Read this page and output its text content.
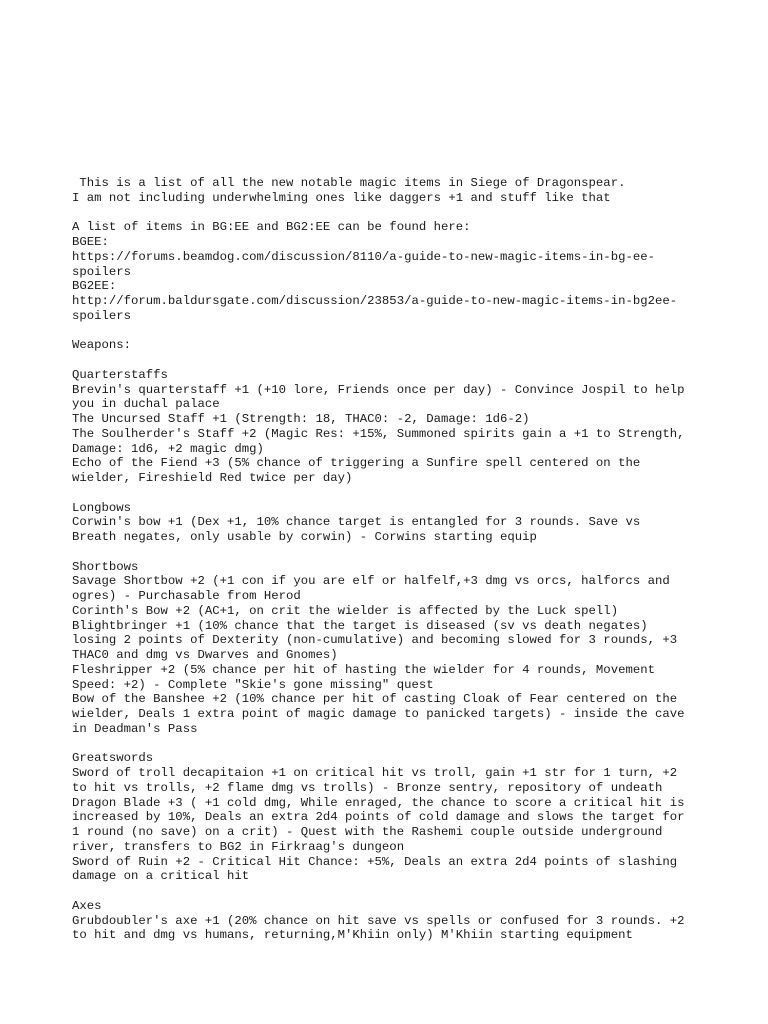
This is a list of all the new notable magic items in Siege of Dragonspear.
I am not including underwhelming ones like daggers +1 and stuff like that
A list of items in BG:EE and BG2:EE can be found here:
BGEE:
https://forums.beamdog.com/discussion/8110/a-guide-to-new-magic-items-in-bg-ee-
spoilers
BG2EE:
http://forum.baldursgate.com/discussion/23853/a-guide-to-new-magic-items-in-bg2ee-
spoilers
Weapons:
Quarterstaffs
Brevin's quarterstaff +1 (+10 lore, Friends once per day) - Convince Jospil to help
you in duchal palace
The Uncursed Staff +1 (Strength: 18, THAC0: -2, Damage: 1d6-2)
The Soulherder's Staff +2 (Magic Res: +15%, Summoned spirits gain a +1 to Strength,
Damage: 1d6, +2 magic dmg)
Echo of the Fiend +3 (5% chance of triggering a Sunfire spell centered on the
wielder, Fireshield Red twice per day)
Longbows
Corwin's bow +1 (Dex +1, 10% chance target is entangled for 3 rounds. Save vs
Breath negates, only usable by corwin) - Corwins starting equip
Shortbows
Savage Shortbow +2 (+1 con if you are elf or halfelf,+3 dmg vs orcs, halforcs and
ogres) - Purchasable from Herod
Corinth's Bow +2 (AC+1, on crit the wielder is affected by the Luck spell)
Blightbringer +1 (10% chance that the target is diseased (sv vs death negates)
losing 2 points of Dexterity (non-cumulative) and becoming slowed for 3 rounds, +3
THAC0 and dmg vs Dwarves and Gnomes)
Fleshripper +2 (5% chance per hit of hasting the wielder for 4 rounds, Movement
Speed: +2) - Complete "Skie's gone missing" quest
Bow of the Banshee +2 (10% chance per hit of casting Cloak of Fear centered on the
wielder, Deals 1 extra point of magic damage to panicked targets) - inside the cave
in Deadman's Pass
Greatswords
Sword of troll decapitaion +1 on critical hit vs troll, gain +1 str for 1 turn, +2
to hit vs trolls, +2 flame dmg vs trolls) - Bronze sentry, repository of undeath
Dragon Blade +3 ( +1 cold dmg, While enraged, the chance to score a critical hit is
increased by 10%, Deals an extra 2d4 points of cold damage and slows the target for
1 round (no save) on a crit) - Quest with the Rashemi couple outside underground
river, transfers to BG2 in Firkraag's dungeon
Sword of Ruin +2 - Critical Hit Chance: +5%, Deals an extra 2d4 points of slashing
damage on a critical hit
Axes
Grubdoubler's axe +1 (20% chance on hit save vs spells or confused for 3 rounds. +2
to hit and dmg vs humans, returning,M'Khiin only) M'Khiin starting equipment
